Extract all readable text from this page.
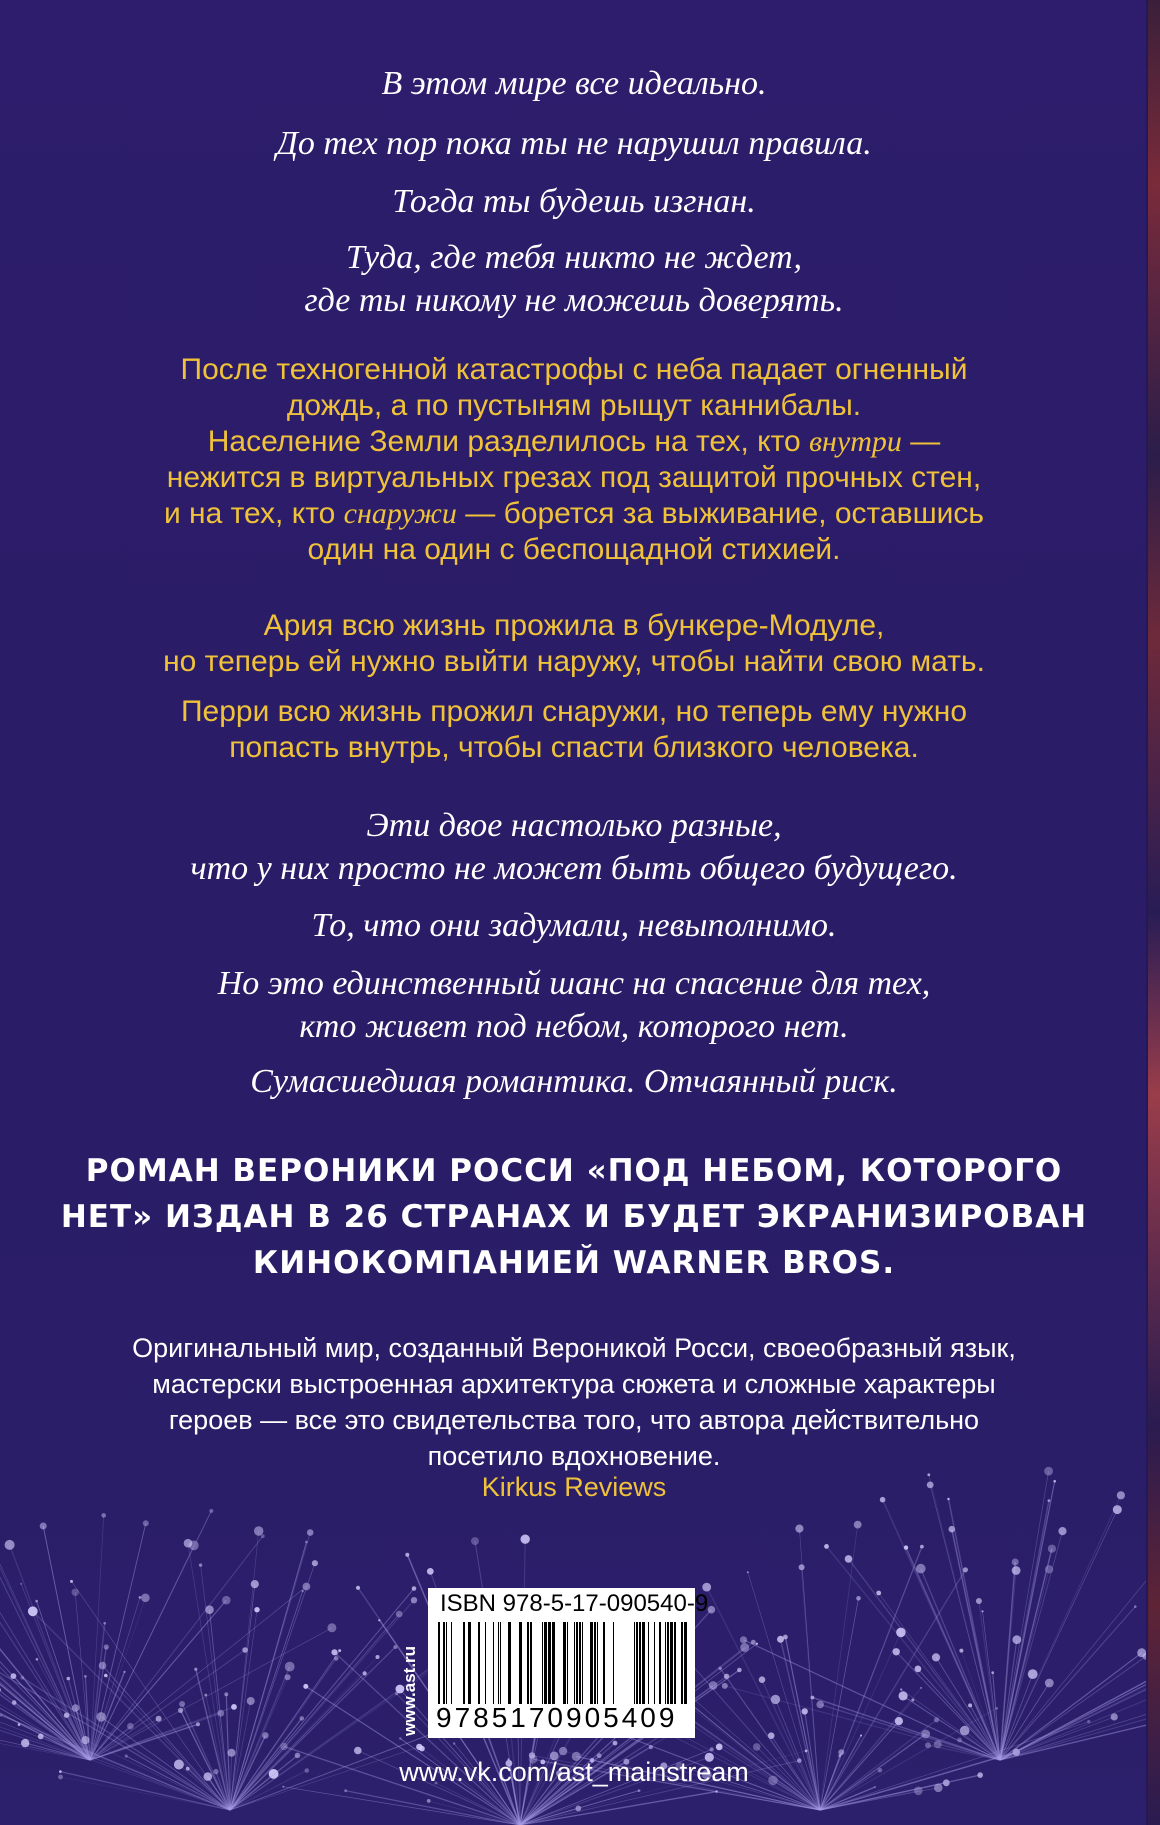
В этом мире все идеально.
До тех пор пока ты не нарушил правила.
Тогда ты будешь изгнан.
Туда, где тебя никто не ждет,
где ты никому не можешь доверять.
После техногенной катастрофы с неба падает огненный
дождь, а по пустыням рыщут каннибалы.
Население Земли разделилось на тех, кто внутри —
нежится в виртуальных грезах под защитой прочных стен,
и на тех, кто снаружи — борется за выживание, оставшись
один на один с беспощадной стихией.
Ария всю жизнь прожила в бункере-Модуле,
но теперь ей нужно выйти наружу, чтобы найти свою мать.
Перри всю жизнь прожил снаружи, но теперь ему нужно
попасть внутрь, чтобы спасти близкого человека.
Эти двое настолько разные,
что у них просто не может быть общего будущего.
То, что они задумали, невыполнимо.
Но это единственный шанс на спасение для тех,
кто живет под небом, которого нет.
Сумасшедшая романтика. Отчаянный риск.
РОМАН ВЕРОНИКИ РОССИ «ПОД НЕБОМ, КОТОРОГО
НЕТ» ИЗДАН В 26 СТРАНАХ И БУДЕТ ЭКРАНИЗИРОВАН
КИНОКОМПАНИЕЙ WARNER BROS.
Оригинальный мир, созданный Вероникой Росси, своеобразный язык,
мастерски выстроенная архитектура сюжета и сложные характеры
героев — все это свидетельства того, что автора действительно
посетило вдохновение.
Kirkus Reviews
www.ast.ru
ISBN 978-5-17-090540-9
9785170905409
www.vk.com/ast_mainstream
